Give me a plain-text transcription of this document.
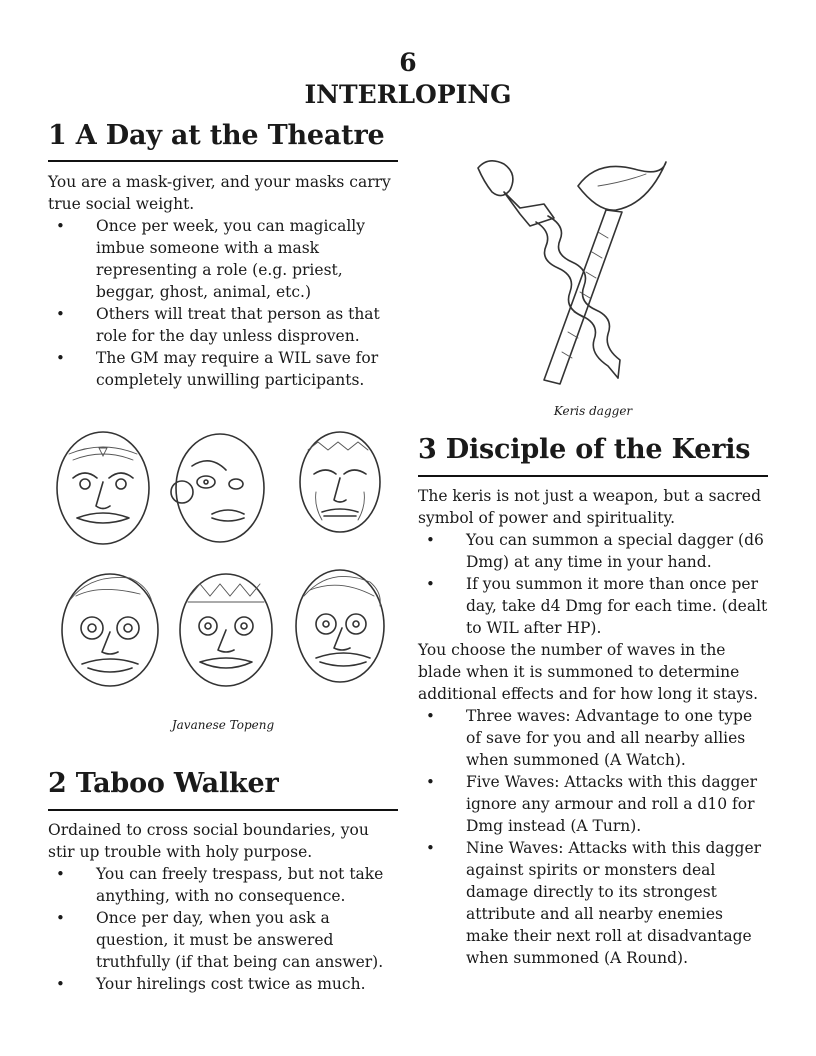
6
INTERLOPING
1 A Day at the Theatre

You are a mask-giver, and your masks carry true social weight.

• Once per week, you can magically imbue someone with a mask representing a role (e.g. priest, beggar, ghost, animal, etc.)
• Others will treat that person as that role for the day unless disproven.
• The GM may require a WIL save for completely unwilling participants.
Javanese Topeng
2 Taboo Walker

Ordained to cross social boundaries, you stir up trouble with holy purpose.

• You can freely trespass, but not take anything, with no consequence.
• Once per day, when you ask a question, it must be answered truthfully (if that being can answer).
• Your hirelings cost twice as much.
Keris dagger
3 Disciple of the Keris

The keris is not just a weapon, but a sacred symbol of power and spirituality.

• You can summon a special dagger (d6 Dmg) at any time in your hand.
• If you summon it more than once per day, take d4 Dmg for each time. (dealt to WIL after HP).

You choose the number of waves in the blade when it is summoned to determine additional effects and for how long it stays.

• Three waves: Advantage to one type of save for you and all nearby allies when summoned (A Watch).
• Five Waves: Attacks with this dagger ignore any armour and roll a d10 for Dmg instead (A Turn).
• Nine Waves: Attacks with this dagger against spirits or monsters deal damage directly to its strongest attribute and all nearby enemies make their next roll at disadvantage when summoned (A Round).
